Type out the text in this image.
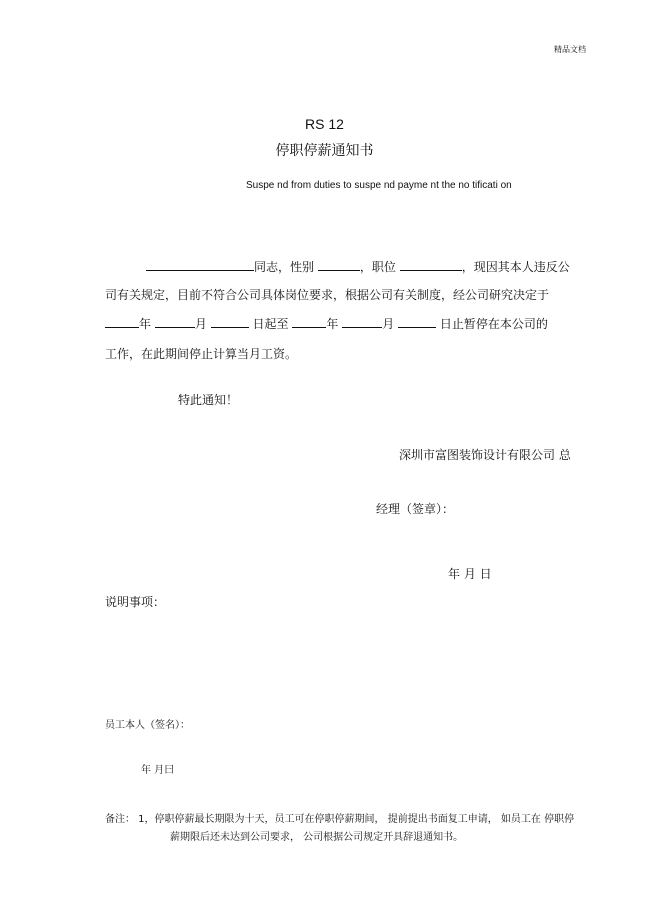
精品文档
RS 12
停职停薪通知书
Suspe nd from duties to suspe nd payme nt the no tificati on
同志，性别	，职位	，现因其本人违反公
司有关规定，目前不符合公司具体岗位要求，根据公司有关制度，经公司研究决定于
年	月	日起至	年	月	日止暂停在本公司的
工作，在此期间停止计算当月工资。
特此通知！
深圳市富图装饰设计有限公司 总
经理（签章）：
年 月 日
说明事项：
员工本人（签名）：
年 月曰
备注： 1，停职停薪最长期限为十天，员工可在停职停薪期间， 提前提出书面复工申请， 如员工在 停职停
薪期限后还未达到公司要求， 公司根据公司规定开具辞退通知书。
